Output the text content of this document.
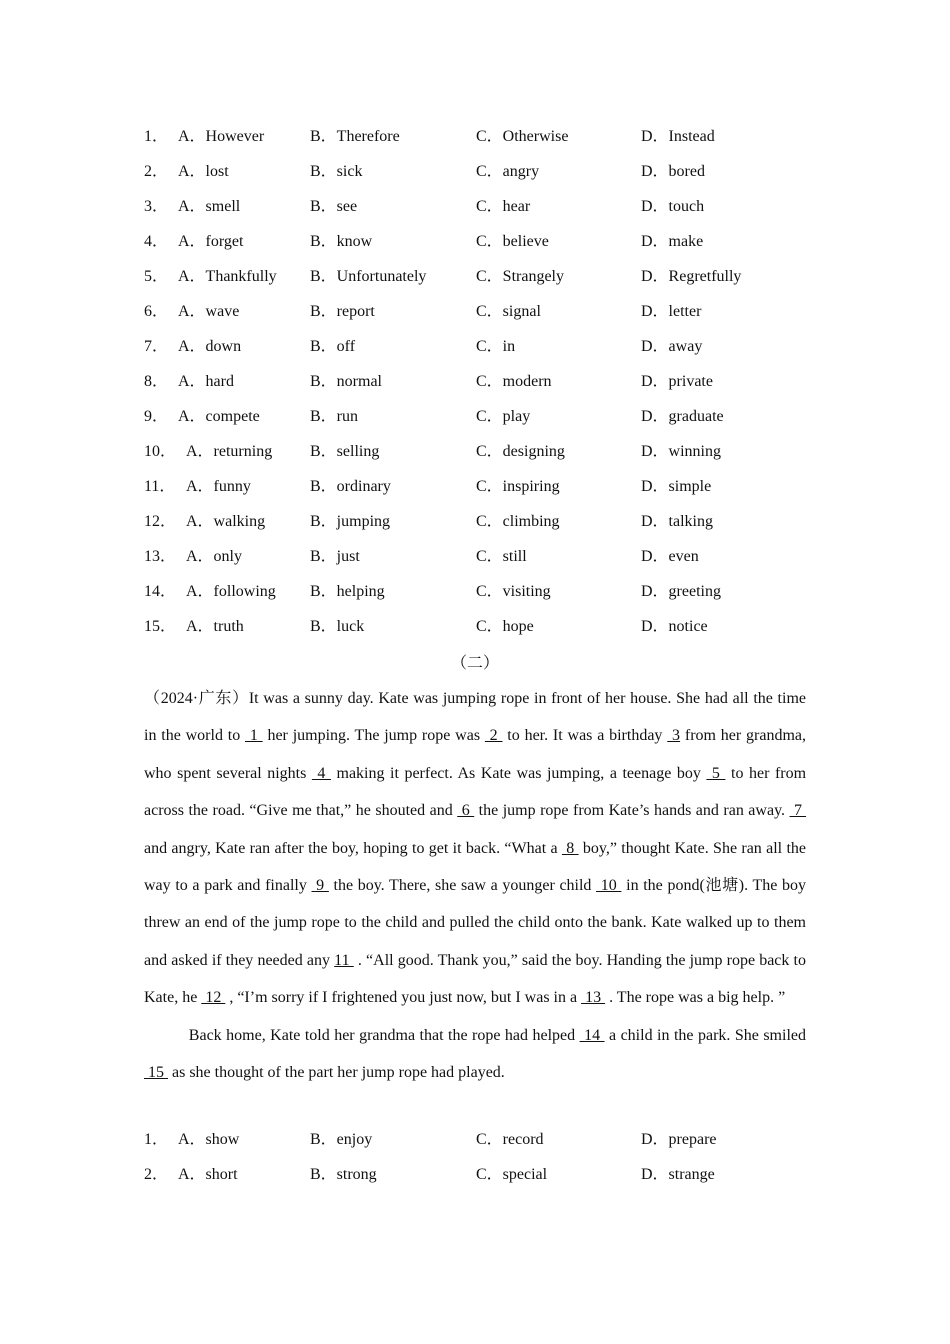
1． A．However	B．Therefore	C．Otherwise	D．Instead
2． A．lost	B．sick	C．angry	D．bored
3． A．smell	B．see	C．hear	D．touch
4． A．forget	B．know	C．believe	D．make
5． A．Thankfully B．Unfortunately	C．Strangely	D．Regretfully
6． A．wave	B．report	C．signal	D．letter
7． A．down	B．off	C．in	D．away
8． A．hard	B．normal	C．modern	D．private
9． A．compete	B．run	C．play	D．graduate
10． A．returning B．selling	C．designing	D．winning
11． A．funny	B．ordinary	C．inspiring	D．simple
12． A．walking	B．jumping	C．climbing	D．talking
13． A．only	B．just	C．still	D．even
14． A．following B．helping	C．visiting	D．greeting
15． A．truth	B．luck	C．hope	D．notice
（二）

（2024·广东）It was a sunny day. Kate was jumping rope in front of her house. She had all the time in the world to  1  her jumping. The jump rope was  2  to her. It was a birthday  3 from her grandma, who spent several nights  4  making it perfect. As Kate was jumping, a teenage boy  5  to her from across the road. “Give me that,” he shouted and  6  the jump rope from Kate’s hands and ran away.  7  and angry, Kate ran after the boy, hoping to get it back. “What a  8  boy,” thought Kate. She ran all the way to a park and finally  9  the boy. There, she saw a younger child  10  in the pond(池塘). The boy threw an end of the jump rope to the child and pulled the child onto the bank. Kate walked up to them and asked if they needed any 11  . “All good. Thank you,” said the boy. Handing the jump rope back to Kate, he  12  , “I’m sorry if I frightened you just now, but I was in a  13  . The rope was a big help. ”

Back home, Kate told her grandma that the rope had helped  14  a child in the park. She smiled  15  as she thought of the part her jump rope had played.

1． A．show	B．enjoy	C．record	D．prepare
2． A．short	B．strong	C．special	D．strange
